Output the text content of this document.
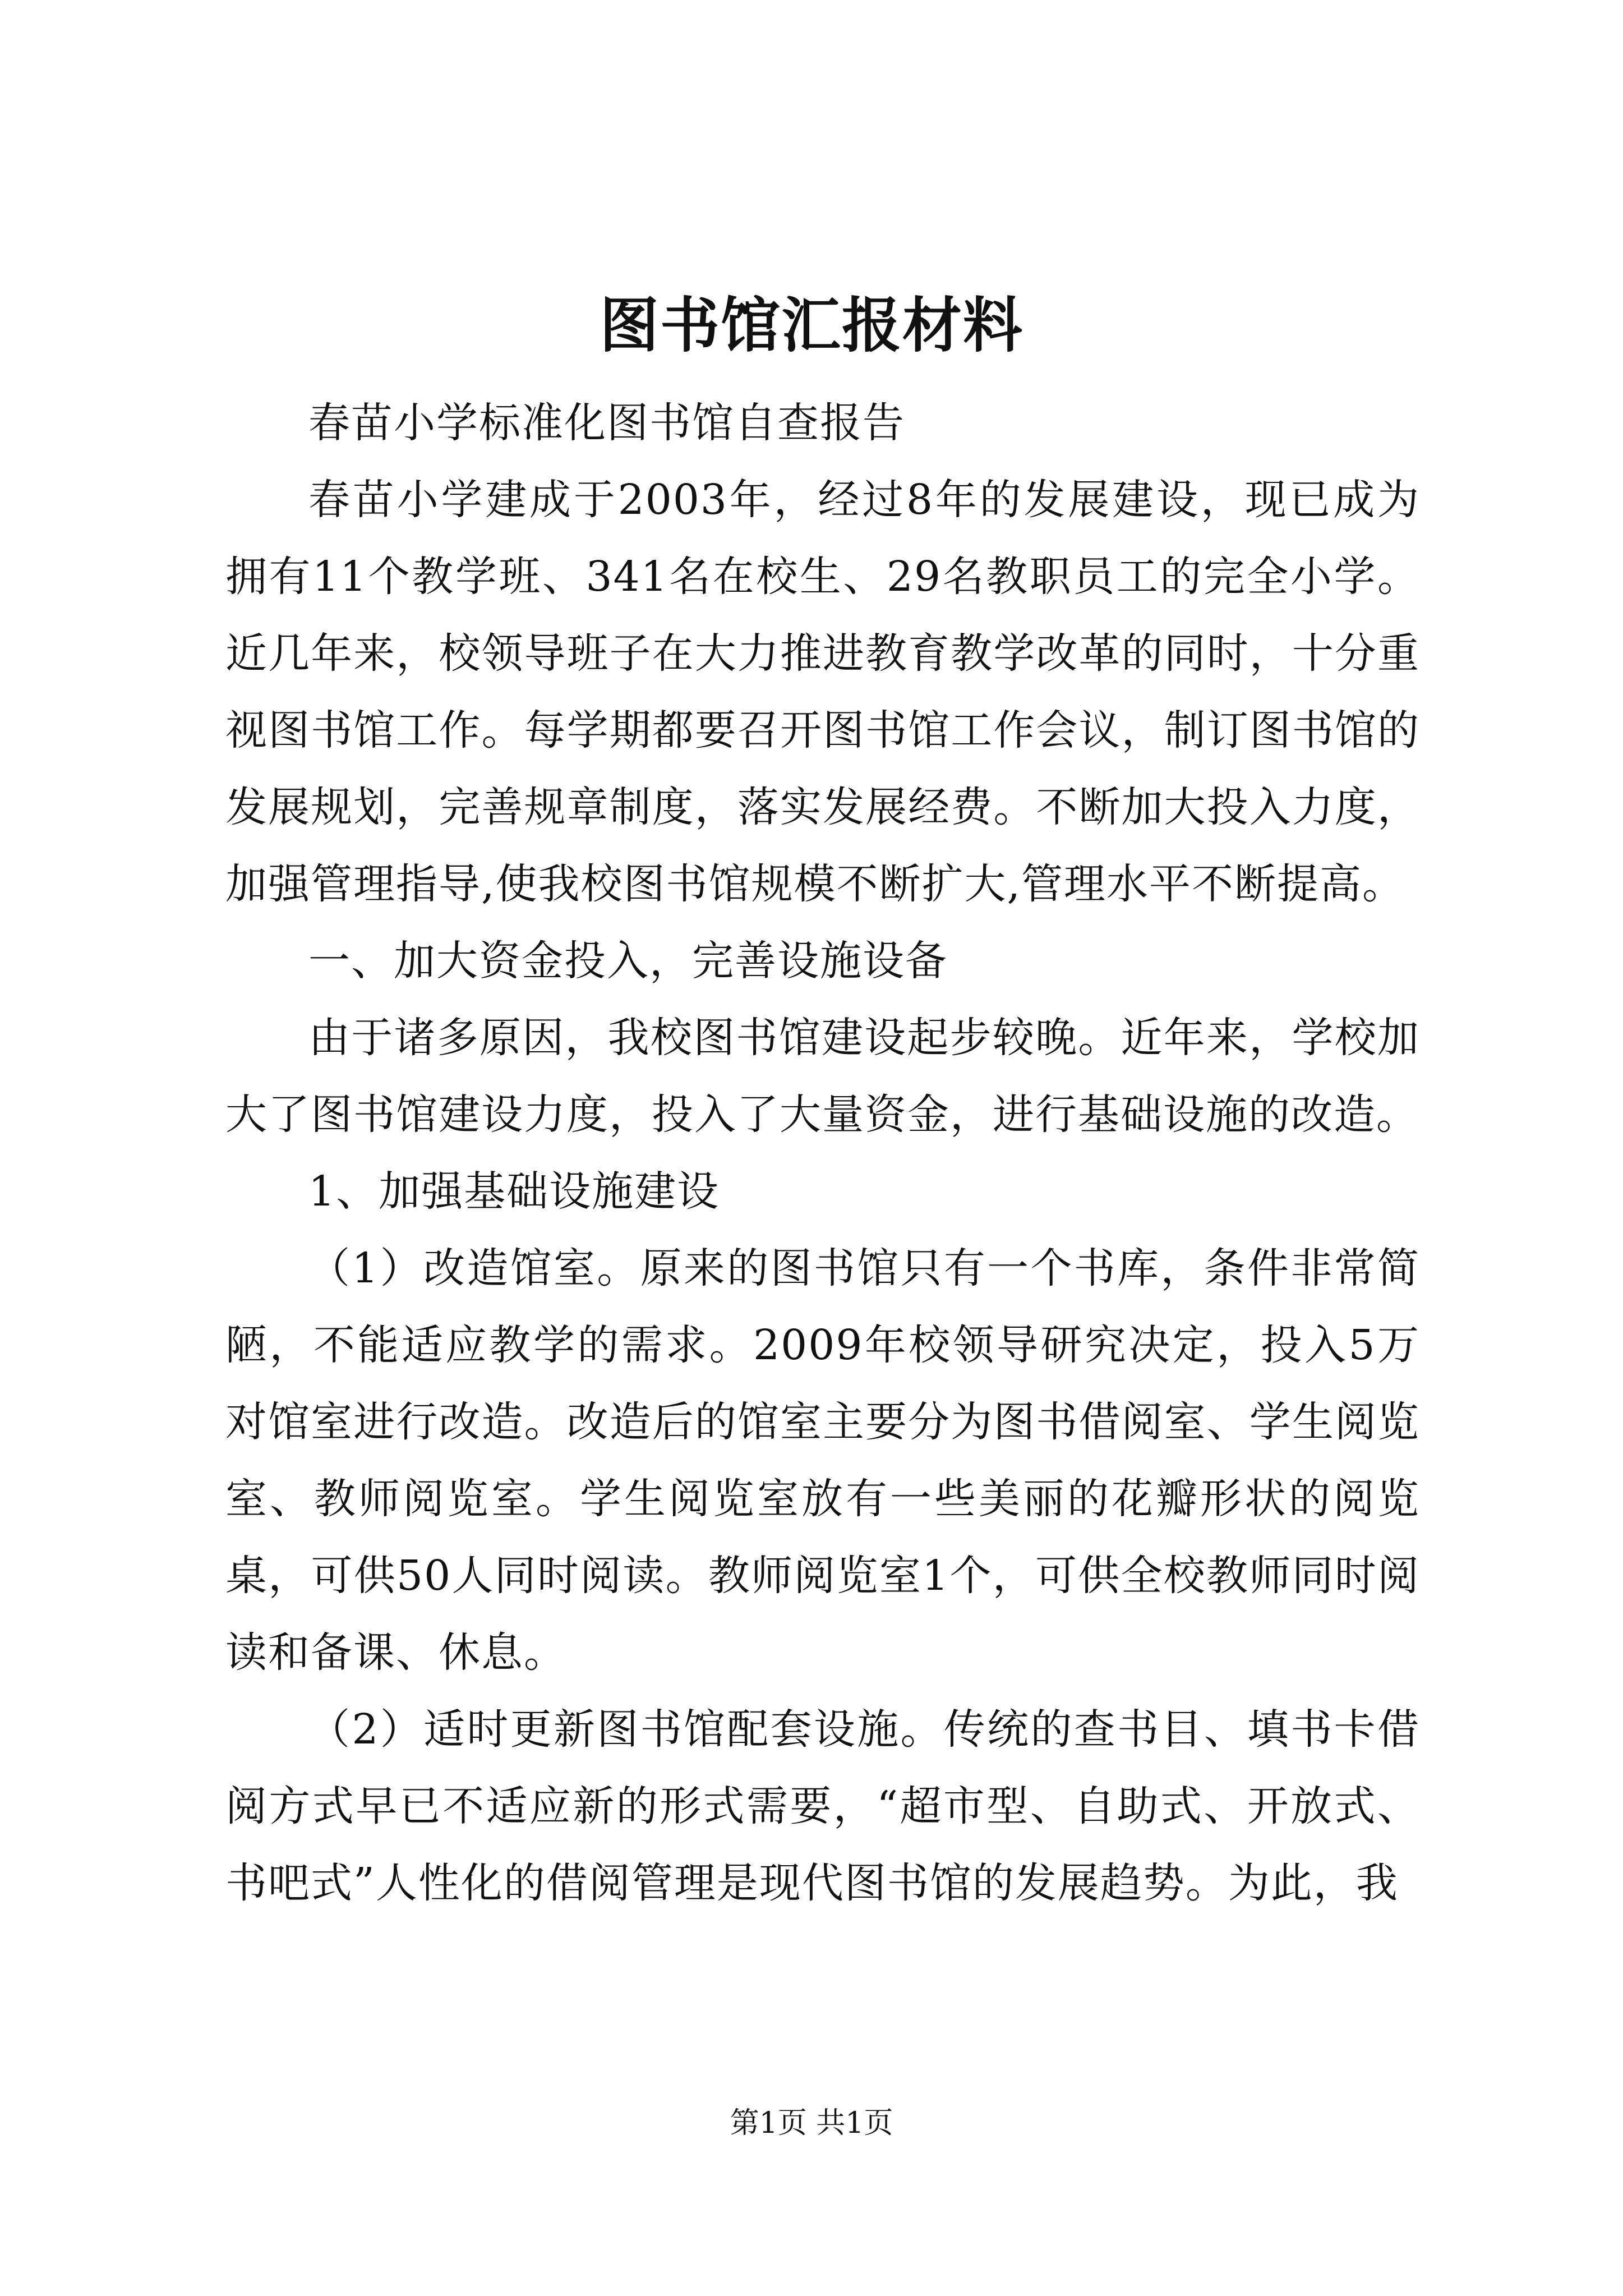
图书馆汇报材料

春苗小学标准化图书馆自查报告

春苗小学建成于2003年，经过8年的发展建设，现已成为拥有11个教学班、341名在校生、29名教职员工的完全小学。近几年来，校领导班子在大力推进教育教学改革的同时，十分重视图书馆工作。每学期都要召开图书馆工作会议，制订图书馆的发展规划，完善规章制度，落实发展经费。不断加大投入力度，加强管理指导,使我校图书馆规模不断扩大,管理水平不断提高。

一、加大资金投入，完善设施设备

由于诸多原因，我校图书馆建设起步较晚。近年来，学校加大了图书馆建设力度，投入了大量资金，进行基础设施的改造。

1、加强基础设施建设

（1）改造馆室。原来的图书馆只有一个书库，条件非常简陋，不能适应教学的需求。2009年校领导研究决定，投入5万对馆室进行改造。改造后的馆室主要分为图书借阅室、学生阅览室、教师阅览室。学生阅览室放有一些美丽的花瓣形状的阅览桌，可供50人同时阅读。教师阅览室1个，可供全校教师同时阅读和备课、休息。

（2）适时更新图书馆配套设施。传统的查书目、填书卡借阅方式早已不适应新的形式需要，“超市型、自助式、开放式、书吧式”人性化的借阅管理是现代图书馆的发展趋势。为此，我

第1页 共1页
